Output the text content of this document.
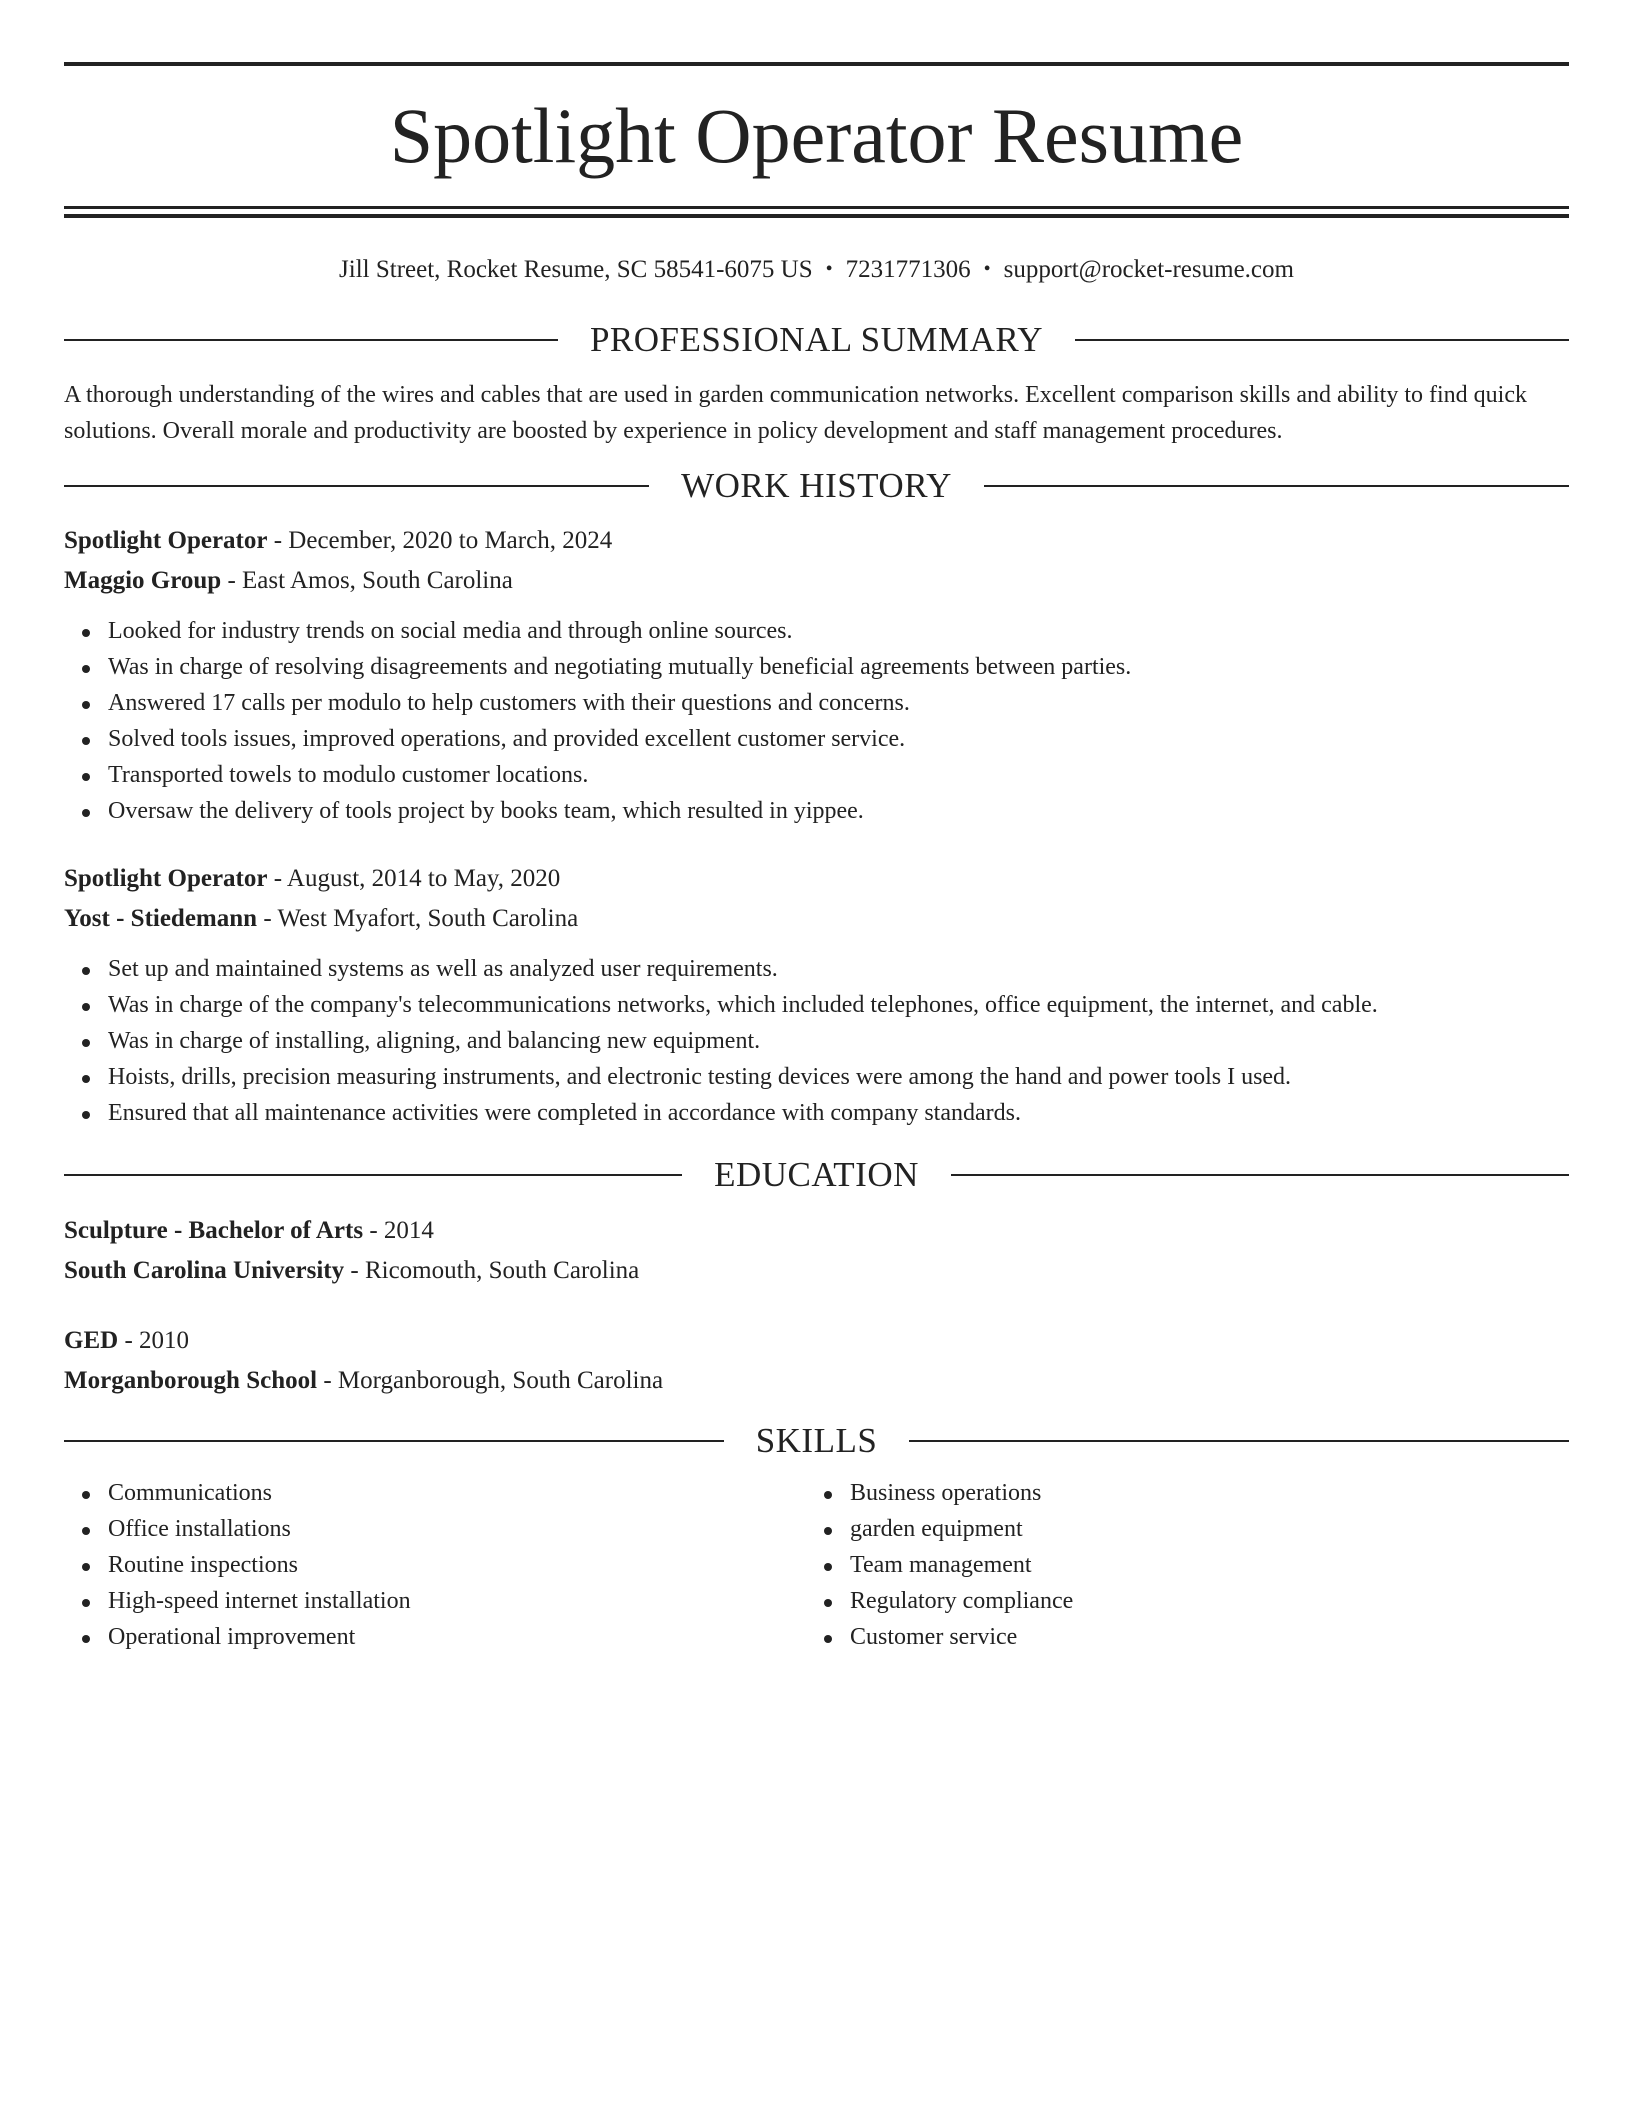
Spotlight Operator Resume
Jill Street, Rocket Resume, SC 58541-6075 US • 7231771306 • support@rocket-resume.com
PROFESSIONAL SUMMARY

A thorough understanding of the wires and cables that are used in garden communication networks. Excellent comparison skills and ability to find quick solutions. Overall morale and productivity are boosted by experience in policy development and staff management procedures.

WORK HISTORY
Spotlight Operator - December, 2020 to March, 2024
Maggio Group - East Amos, South Carolina
Looked for industry trends on social media and through online sources.
Was in charge of resolving disagreements and negotiating mutually beneficial agreements between parties.
Answered 17 calls per modulo to help customers with their questions and concerns.
Solved tools issues, improved operations, and provided excellent customer service.
Transported towels to modulo customer locations.
Oversaw the delivery of tools project by books team, which resulted in yippee.
Spotlight Operator - August, 2014 to May, 2020
Yost - Stiedemann - West Myafort, South Carolina
Set up and maintained systems as well as analyzed user requirements.
Was in charge of the company's telecommunications networks, which included telephones, office equipment, the internet, and cable.
Was in charge of installing, aligning, and balancing new equipment.
Hoists, drills, precision measuring instruments, and electronic testing devices were among the hand and power tools I used.
Ensured that all maintenance activities were completed in accordance with company standards.
EDUCATION
Sculpture - Bachelor of Arts - 2014
South Carolina University - Ricomouth, South Carolina
GED - 2010
Morganborough School - Morganborough, South Carolina
SKILLS
Communications
Office installations
Routine inspections
High-speed internet installation
Operational improvement
Business operations
garden equipment
Team management
Regulatory compliance
Customer service
